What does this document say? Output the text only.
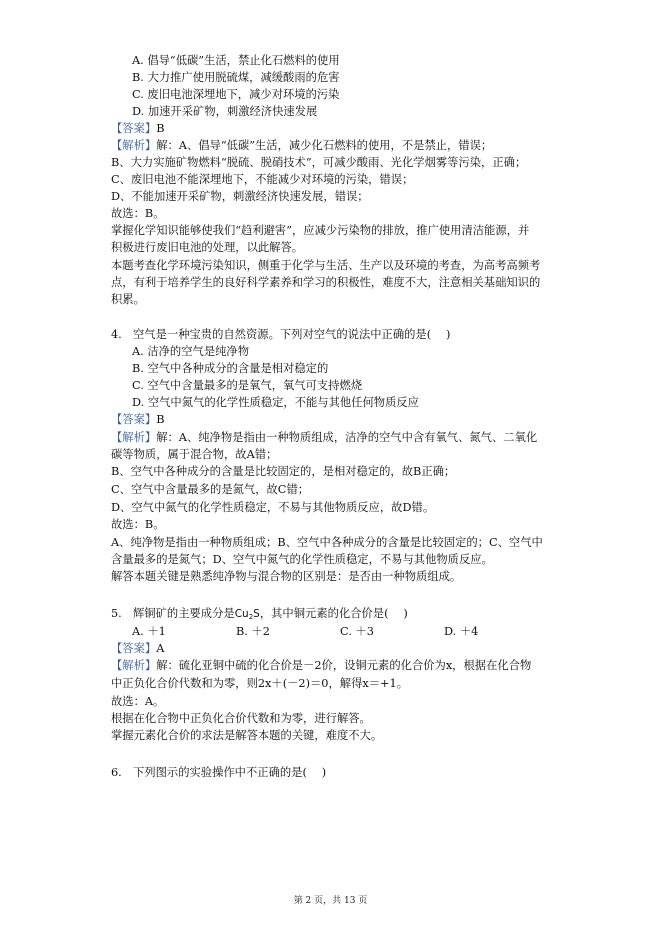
A. 倡导“低碳”生活，禁止化石燃料的使用
B. 大力推广使用脱硫煤，减缓酸雨的危害
C. 废旧电池深埋地下，减少对环境的污染
D. 加速开采矿物，刺激经济快速发展
【答案】B
【解析】解：A、倡导“低碳”生活，减少化石燃料的使用，不是禁止，错误；
B、大力实施矿物燃料“脱硫、脱硝技术”，可减少酸雨、光化学烟雾等污染，正确；
C、废旧电池不能深埋地下，不能减少对环境的污染，错误；
D、不能加速开采矿物，刺激经济快速发展，错误；
故选：B。
掌握化学知识能够使我们“趋利避害”，应减少污染物的排放，推广使用清洁能源，并
积极进行废旧电池的处理，以此解答。
本题考查化学环境污染知识，侧重于化学与生活、生产以及环境的考查，为高考高频考
点，有利于培养学生的良好科学素养和学习的积极性，难度不大，注意相关基础知识的
积累。
4. 空气是一种宝贵的自然资源。下列对空气的说法中正确的是(　 )
A. 洁净的空气是纯净物
B. 空气中各种成分的含量是相对稳定的
C. 空气中含量最多的是氧气，氧气可支持燃烧
D. 空气中氮气的化学性质稳定，不能与其他任何物质反应
【答案】B
【解析】解：A、纯净物是指由一种物质组成，洁净的空气中含有氧气、氮气、二氧化
碳等物质，属于混合物，故A错；
B、空气中各种成分的含量是比较固定的，是相对稳定的，故B正确；
C、空气中含量最多的是氮气，故C错；
D、空气中氮气的化学性质稳定，不易与其他物质反应，故D错。
故选：B。
A、纯净物是指由一种物质组成；B、空气中各种成分的含量是比较固定的；C、空气中
含量最多的是氮气；D、空气中氮气的化学性质稳定，不易与其他物质反应。
解答本题关键是熟悉纯净物与混合物的区别是：是否由一种物质组成。
5. 辉铜矿的主要成分是$Cu_2S$，其中铜元素的化合价是(　 )
A. ＋1	B. ＋2	C. ＋3	D. ＋4
【答案】A
【解析】解：硫化亚铜中硫的化合价是－2价，设铜元素的化合价为x，根据在化合物
中正负化合价代数和为零，则2x＋(－2)＝0，解得x＝+1。
故选：A。
根据在化合物中正负化合价代数和为零，进行解答。
掌握元素化合价的求法是解答本题的关键，难度不大。
6. 下列图示的实验操作中不正确的是(　 )
第 2 页，共 13 页
